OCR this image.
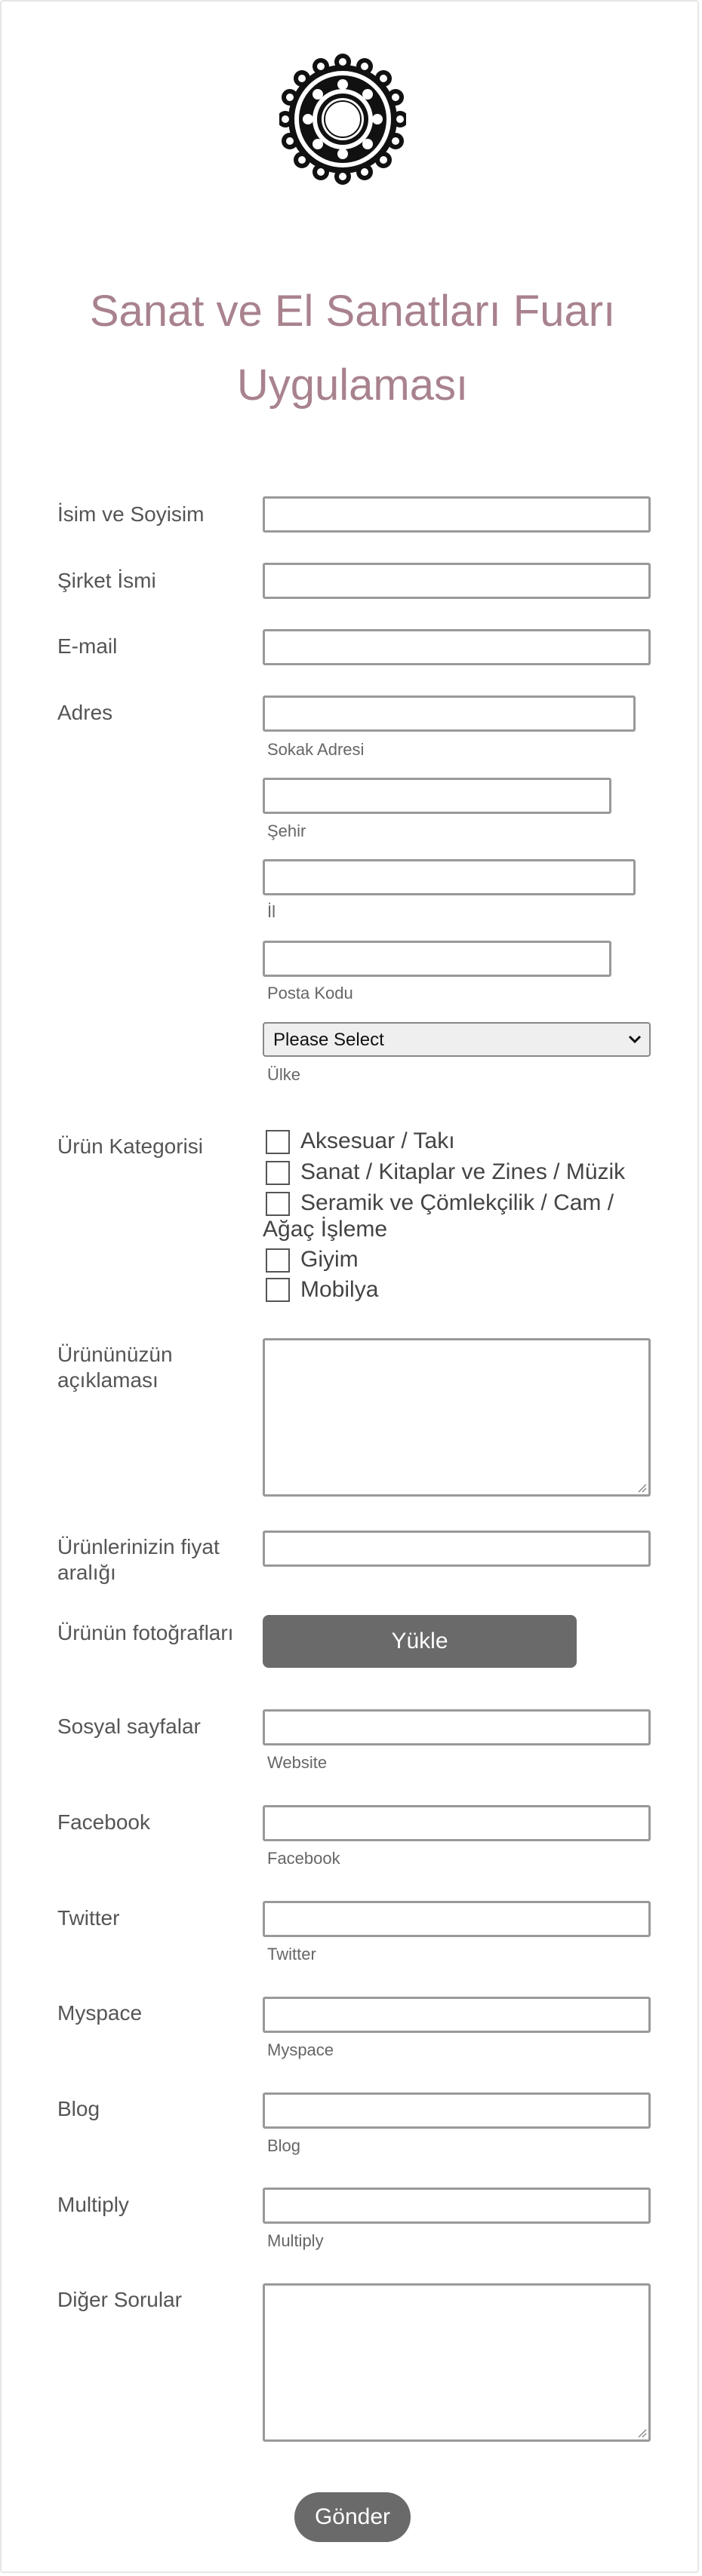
Sanat ve El Sanatları Fuarı Uygulaması
İsim ve Soyisim
Şirket İsmi
E-mail
Adres
Sokak Adresi
Şehir
İl
Posta Kodu
Please Select
Ülke
Ürün Kategorisi	Aksesuar / Takı
Sanat / Kitaplar ve Zines / Müzik
Seramik ve Çömlekçilik / Cam /
Ağaç İşleme
Giyim
Mobilya
Ürününüzün
açıklaması
Ürünlerinizin fiyat
aralığı
Ürünün fotoğrafları	Yükle
Sosyal sayfalar
Website
Facebook
Facebook
Twitter
Twitter
Myspace
Myspace
Blog
Blog
Multiply
Multiply
Diğer Sorular
Gönder
